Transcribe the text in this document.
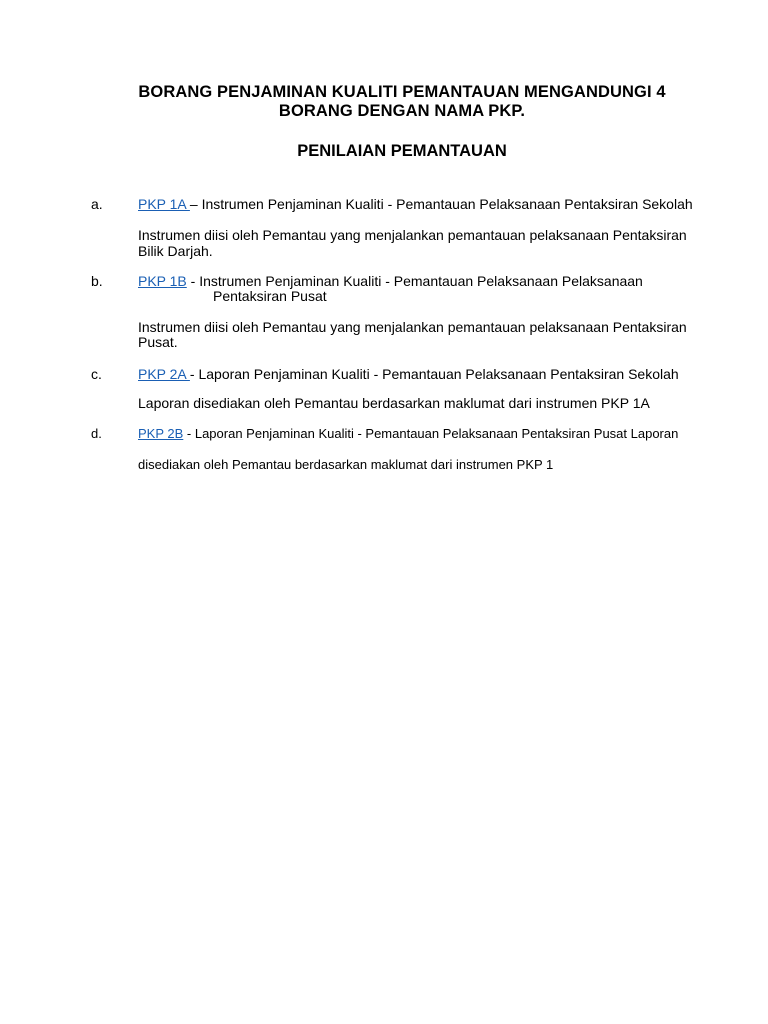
BORANG PENJAMINAN KUALITI PEMANTAUAN MENGANDUNGI 4
BORANG DENGAN NAMA PKP.
PENILAIAN PEMANTAUAN
a.	PKP 1A – Instrumen Penjaminan Kualiti - Pemantauan Pelaksanaan Pentaksiran Sekolah
Instrumen diisi oleh Pemantau yang menjalankan pemantauan pelaksanaan Pentaksiran
Bilik Darjah.
b.	PKP 1B - Instrumen Penjaminan Kualiti - Pemantauan Pelaksanaan Pelaksanaan
Pentaksiran Pusat
Instrumen diisi oleh Pemantau yang menjalankan pemantauan pelaksanaan Pentaksiran
Pusat.
c.	PKP 2A - Laporan Penjaminan Kualiti - Pemantauan Pelaksanaan Pentaksiran Sekolah
Laporan disediakan oleh Pemantau berdasarkan maklumat dari instrumen PKP 1A
d.	PKP 2B - Laporan Penjaminan Kualiti - Pemantauan Pelaksanaan Pentaksiran Pusat Laporan
disediakan oleh Pemantau berdasarkan maklumat dari instrumen PKP 1
